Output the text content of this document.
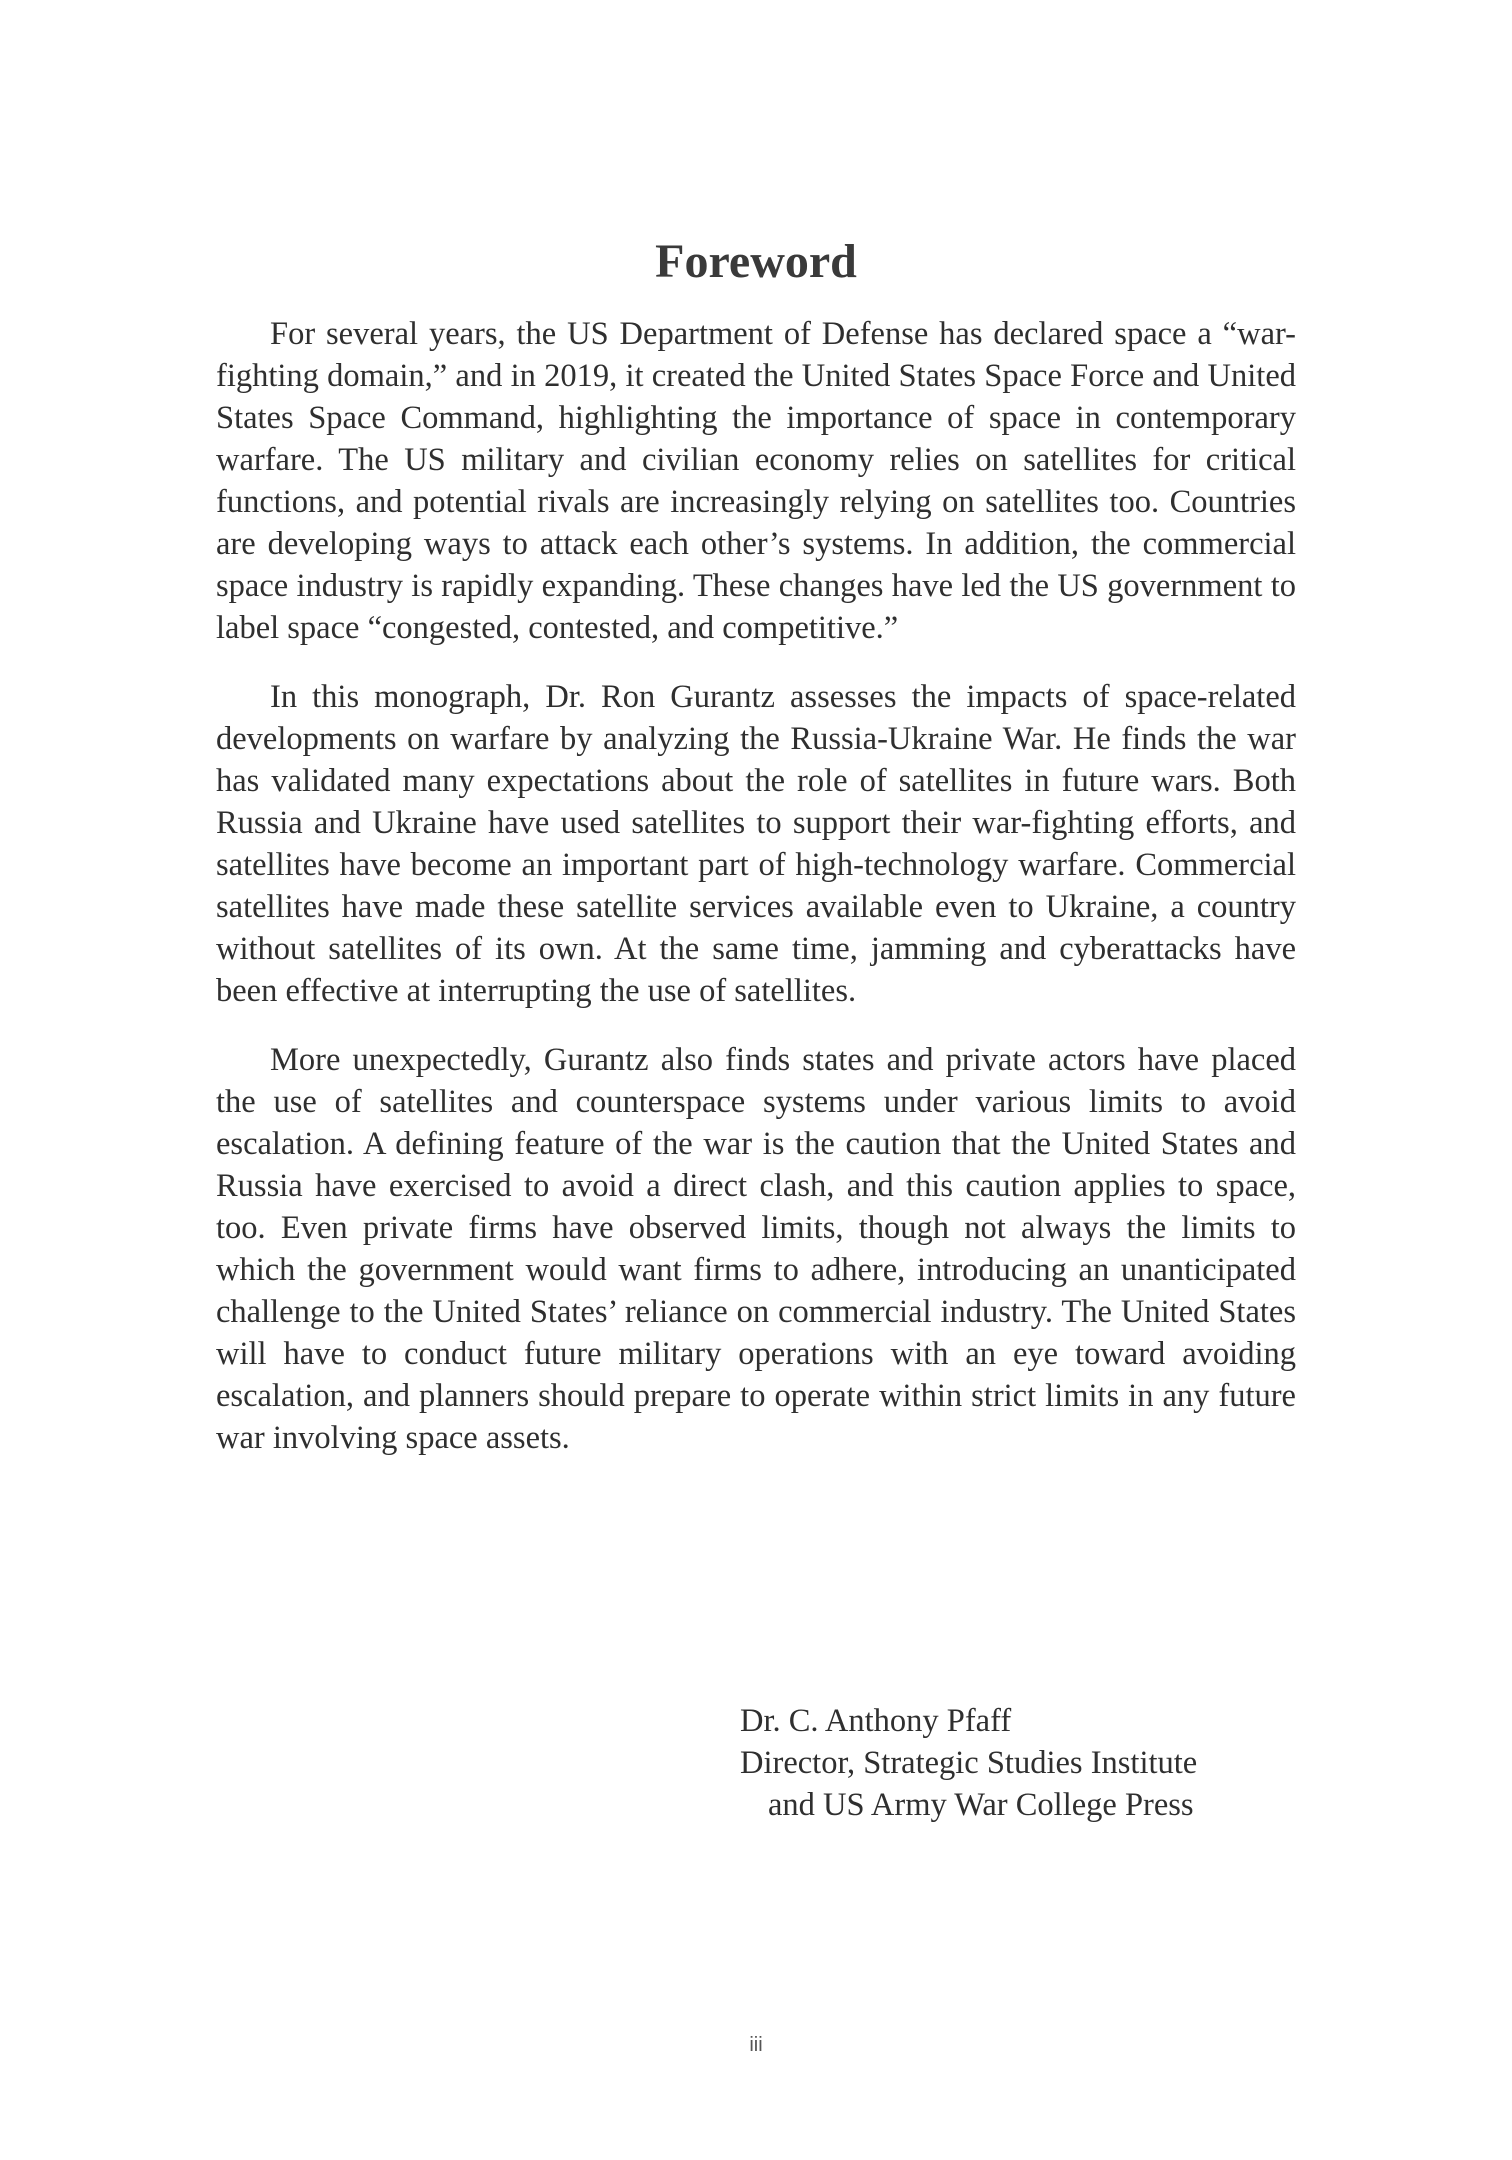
Foreword

For several years, the US Department of Defense has declared space a “war-fighting domain,” and in 2019, it created the United States Space Force and United States Space Command, highlighting the importance of space in contemporary warfare. The US military and civilian economy relies on satellites for critical functions, and potential rivals are increasingly relying on satellites too. Countries are developing ways to attack each other’s systems. In addition, the commercial space industry is rapidly expanding. These changes have led the US government to label space “congested, contested, and competitive.”

In this monograph, Dr. Ron Gurantz assesses the impacts of space-related developments on warfare by analyzing the Russia-Ukraine War. He finds the war has validated many expectations about the role of satellites in future wars. Both Russia and Ukraine have used satellites to support their war-fighting efforts, and satellites have become an important part of high-technology warfare. Commercial satellites have made these satellite services available even to Ukraine, a country without satellites of its own. At the same time, jamming and cyberattacks have been effective at interrupting the use of satellites.

More unexpectedly, Gurantz also finds states and private actors have placed the use of satellites and counterspace systems under various limits to avoid escalation. A defining feature of the war is the caution that the United States and Russia have exercised to avoid a direct clash, and this caution applies to space, too. Even private firms have observed limits, though not always the limits to which the government would want firms to adhere, introducing an unanticipated challenge to the United States’ reliance on commercial industry. The United States will have to conduct future military operations with an eye toward avoiding escalation, and planners should prepare to operate within strict limits in any future war involving space assets.

Dr. C. Anthony Pfaff
Director, Strategic Studies Institute
and US Army War College Press
iii
